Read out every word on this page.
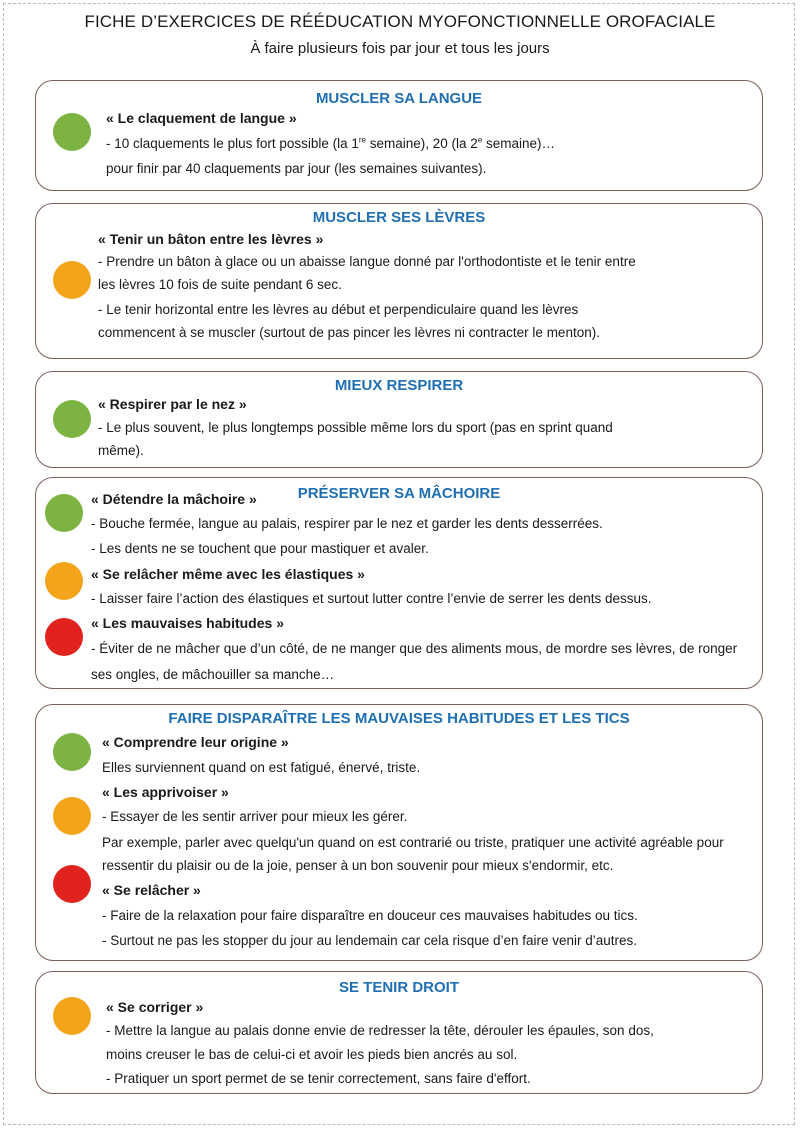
FICHE D’EXERCICES DE RÉÉDUCATION MYOFONCTIONNELLE OROFACIALE
À faire plusieurs fois par jour et tous les jours
MUSCLER SA LANGUE
« Le claquement de langue »
- 10 claquements le plus fort possible (la 1re semaine), 20 (la 2e semaine)…
pour finir par 40 claquements par jour (les semaines suivantes).
MUSCLER SES LÈVRES
« Tenir un bâton entre les lèvres »
- Prendre un bâton à glace ou un abaisse langue donné par l'orthodontiste et le tenir entre
les lèvres 10 fois de suite pendant 6 sec.
- Le tenir horizontal entre les lèvres au début et perpendiculaire quand les lèvres
commencent à se muscler (surtout de pas pincer les lèvres ni contracter le menton).
MIEUX RESPIRER
« Respirer par le nez »
- Le plus souvent, le plus longtemps possible même lors du sport (pas en sprint quand
même).
PRÉSERVER SA MÂCHOIRE
« Détendre la mâchoire »
- Bouche fermée, langue au palais, respirer par le nez et garder les dents desserrées.
- Les dents ne se touchent que pour mastiquer et avaler.
« Se relâcher même avec les élastiques »
- Laisser faire l’action des élastiques et surtout lutter contre l’envie de serrer les dents dessus.
« Les mauvaises habitudes »
- Éviter de ne mâcher que d’un côté, de ne manger que des aliments mous, de mordre ses lèvres, de ronger
ses ongles, de mâchouiller sa manche…
FAIRE DISPARAÎTRE LES MAUVAISES HABITUDES ET LES TICS
« Comprendre leur origine »
Elles surviennent quand on est fatigué, énervé, triste.
« Les apprivoiser »
- Essayer de les sentir arriver pour mieux les gérer.
Par exemple, parler avec quelqu'un quand on est contrarié ou triste, pratiquer une activité agréable pour
ressentir du plaisir ou de la joie, penser à un bon souvenir pour mieux s'endormir, etc.
« Se relâcher »
- Faire de la relaxation pour faire disparaître en douceur ces mauvaises habitudes ou tics.
- Surtout ne pas les stopper du jour au lendemain car cela risque d’en faire venir d’autres.
SE TENIR DROIT
« Se corriger »
- Mettre la langue au palais donne envie de redresser la tête, dérouler les épaules, son dos,
moins creuser le bas de celui-ci et avoir les pieds bien ancrés au sol.
- Pratiquer un sport permet de se tenir correctement, sans faire d'effort.
